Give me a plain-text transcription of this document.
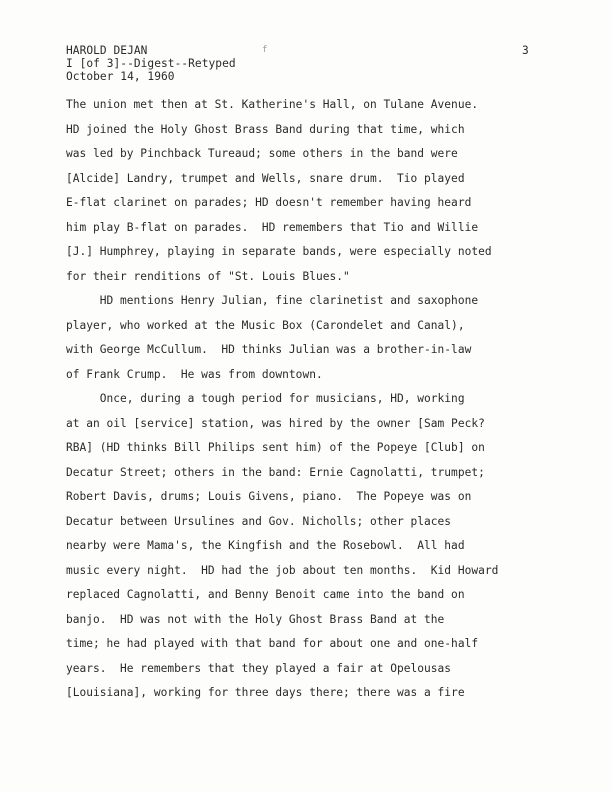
HAROLD DEJAN
I [of 3]--Digest--Retyped
October 14, 1960
f	3
The union met then at St. Katherine's Hall, on Tulane Avenue.
HD joined the Holy Ghost Brass Band during that time, which
was led by Pinchback Tureaud; some others in the band were
[Alcide] Landry, trumpet and Wells, snare drum.  Tio played
E-flat clarinet on parades; HD doesn't remember having heard
him play B-flat on parades.  HD remembers that Tio and Willie
[J.] Humphrey, playing in separate bands, were especially noted
for their renditions of "St. Louis Blues."
HD mentions Henry Julian, fine clarinetist and saxophone
player, who worked at the Music Box (Carondelet and Canal),
with George McCullum.  HD thinks Julian was a brother-in-law
of Frank Crump.  He was from downtown.
Once, during a tough period for musicians, HD, working
at an oil [service] station, was hired by the owner [Sam Peck?
RBA] (HD thinks Bill Philips sent him) of the Popeye [Club] on
Decatur Street; others in the band: Ernie Cagnolatti, trumpet;
Robert Davis, drums; Louis Givens, piano.  The Popeye was on
Decatur between Ursulines and Gov. Nicholls; other places
nearby were Mama's, the Kingfish and the Rosebowl.  All had
music every night.  HD had the job about ten months.  Kid Howard
replaced Cagnolatti, and Benny Benoit came into the band on
banjo.  HD was not with the Holy Ghost Brass Band at the
time; he had played with that band for about one and one-half
years.  He remembers that they played a fair at Opelousas
[Louisiana], working for three days there; there was a fire
